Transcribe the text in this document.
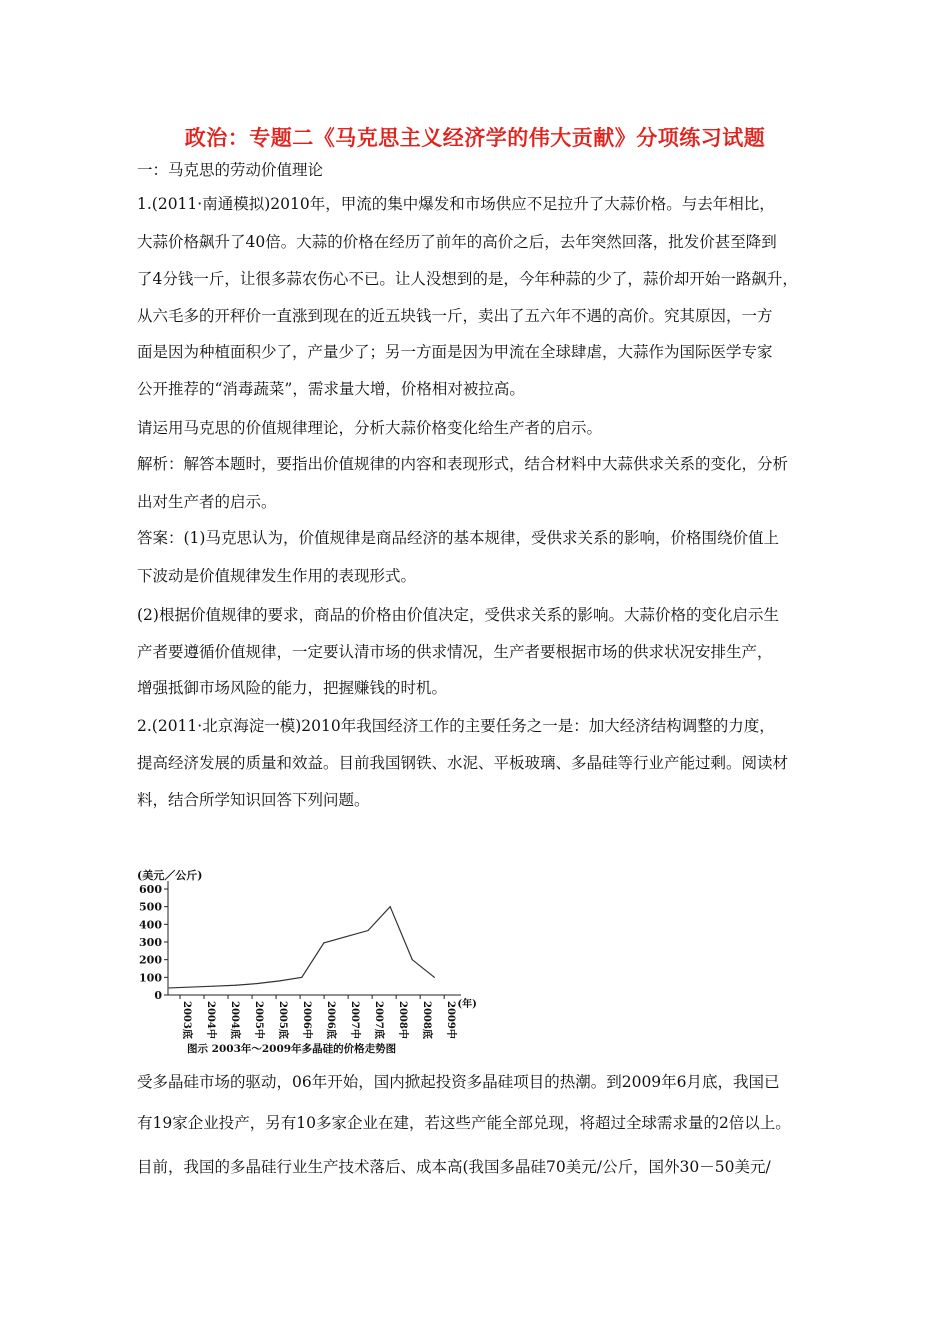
政治：专题二《马克思主义经济学的伟大贡献》分项练习试题
一：马克思的劳动价值理论
1.(2011·南通模拟)2010年，甲流的集中爆发和市场供应不足拉升了大蒜价格。与去年相比，
大蒜价格飙升了40倍。大蒜的价格在经历了前年的高价之后，去年突然回落，批发价甚至降到
了4分钱一斤，让很多蒜农伤心不已。让人没想到的是，今年种蒜的少了，蒜价却开始一路飙升，
从六毛多的开秤价一直涨到现在的近五块钱一斤，卖出了五六年不遇的高价。究其原因，一方
面是因为种植面积少了，产量少了；另一方面是因为甲流在全球肆虐，大蒜作为国际医学专家
公开推荐的“消毒蔬菜”，需求量大增，价格相对被拉高。
请运用马克思的价值规律理论，分析大蒜价格变化给生产者的启示。
解析：解答本题时，要指出价值规律的内容和表现形式，结合材料中大蒜供求关系的变化，分析
出对生产者的启示。
答案：(1)马克思认为，价值规律是商品经济的基本规律，受供求关系的影响，价格围绕价值上
下波动是价值规律发生作用的表现形式。
(2)根据价值规律的要求，商品的价格由价值决定，受供求关系的影响。大蒜价格的变化启示生
产者要遵循价值规律，一定要认清市场的供求情况，生产者要根据市场的供求状况安排生产，
增强抵御市场风险的能力，把握赚钱的时机。
2.(2011·北京海淀一模)2010年我国经济工作的主要任务之一是：加大经济结构调整的力度，
提高经济发展的质量和效益。目前我国钢铁、水泥、平板玻璃、多晶硅等行业产能过剩。阅读材
料，结合所学知识回答下列问题。
(美元／公斤)
0
100
200
300
400
500
600
2003底 2004中 2004底 2005中 2005底 2006中 2006底 2007中 2007底 2008中 2008底 2009中 (年)
图示 2003年～2009年多晶硅的价格走势图
受多晶硅市场的驱动，06年开始，国内掀起投资多晶硅项目的热潮。到2009年6月底，我国已
有19家企业投产，另有10多家企业在建，若这些产能全部兑现，将超过全球需求量的2倍以上。
目前，我国的多晶硅行业生产技术落后、成本高(我国多晶硅70美元/公斤，国外30－50美元/
